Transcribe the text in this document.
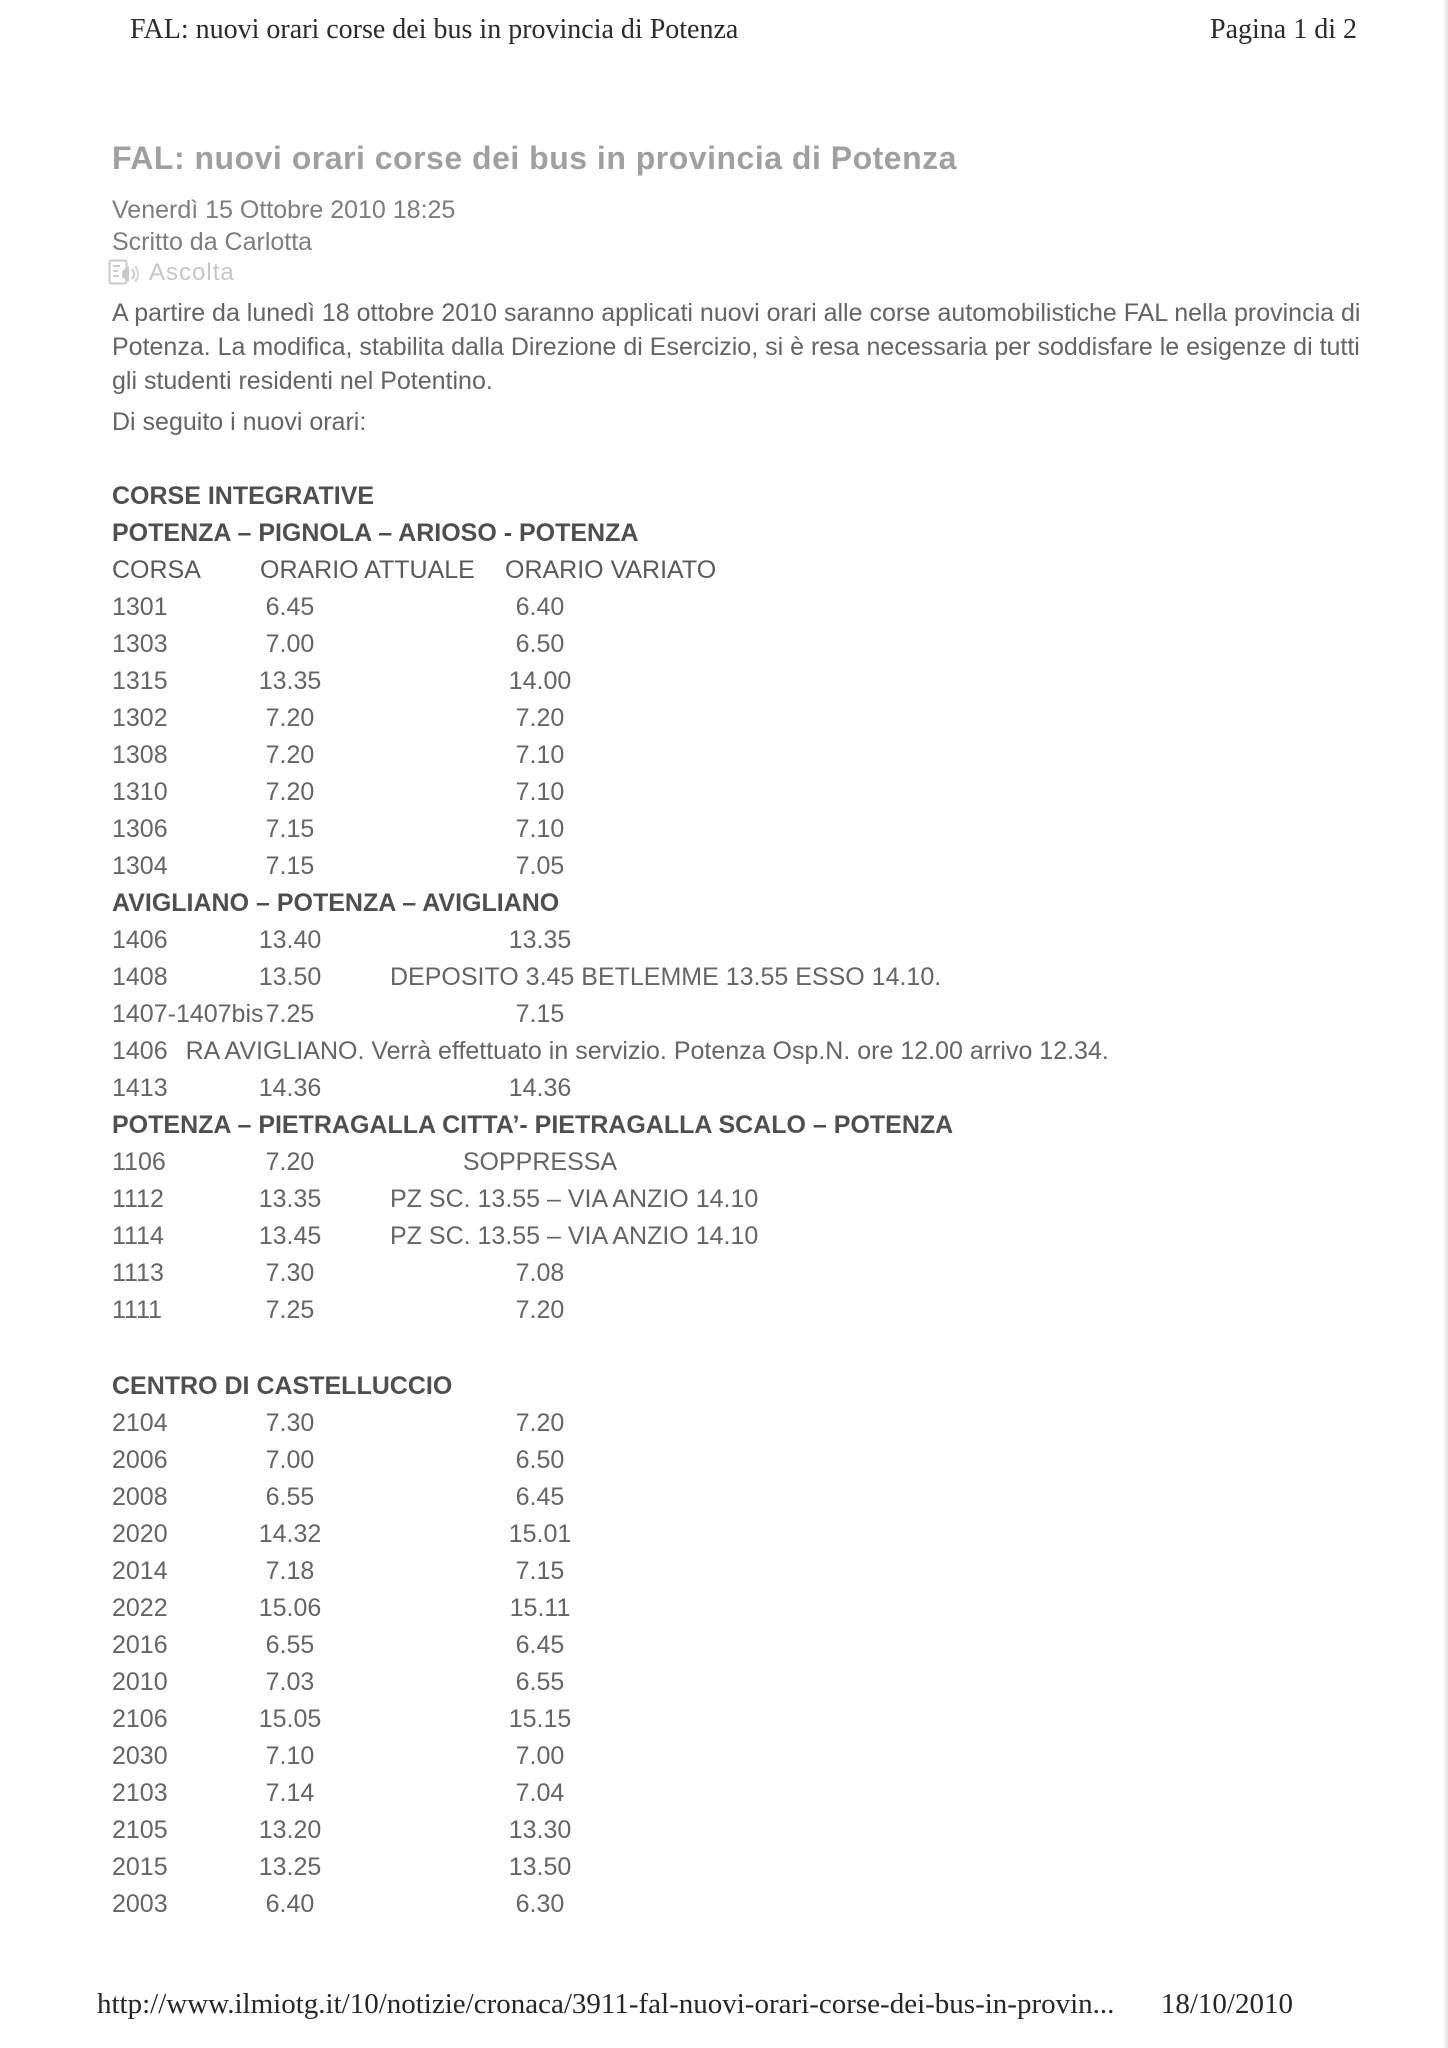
FAL: nuovi orari corse dei bus in provincia di Potenza	Pagina 1 di 2
FAL: nuovi orari corse dei bus in provincia di Potenza
Venerdì 15 Ottobre 2010 18:25
Scritto da Carlotta
Ascolta

A partire da lunedì 18 ottobre 2010 saranno applicati nuovi orari alle corse automobilistiche FAL nella provincia di Potenza. La modifica, stabilita dalla Direzione di Esercizio, si è resa necessaria per soddisfare le esigenze di tutti gli studenti residenti nel Potentino.

Di seguito i nuovi orari:

CORSE INTEGRATIVE
POTENZA – PIGNOLA – ARIOSO - POTENZA
CORSA	ORARIO ATTUALE	ORARIO VARIATO
1301	6.45	6.40
1303	7.00	6.50
1315	13.35	14.00
1302	7.20	7.20
1308	7.20	7.10
1310	7.20	7.10
1306	7.15	7.10
1304	7.15	7.05
AVIGLIANO – POTENZA – AVIGLIANO
1406	13.40	13.35
1408	13.50	DEPOSITO 3.45 BETLEMME 13.55 ESSO 14.10.
1407-1407bis 7.25	7.15
1406 RA AVIGLIANO. Verrà effettuato in servizio. Potenza Osp.N. ore 12.00 arrivo 12.34.
1413	14.36	14.36
POTENZA – PIETRAGALLA CITTA’- PIETRAGALLA SCALO – POTENZA
1106	7.20	SOPPRESSA
1112	13.35	PZ SC. 13.55 – VIA ANZIO 14.10
1114	13.45	PZ SC. 13.55 – VIA ANZIO 14.10
1113	7.30	7.08
1111	7.25	7.20
CENTRO DI CASTELLUCCIO
2104	7.30	7.20
2006	7.00	6.50
2008	6.55	6.45
2020	14.32	15.01
2014	7.18	7.15
2022	15.06	15.11
2016	6.55	6.45
2010	7.03	6.55
2106	15.05	15.15
2030	7.10	7.00
2103	7.14	7.04
2105	13.20	13.30
2015	13.25	13.50
2003	6.40	6.30
http://www.ilmiotg.it/10/notizie/cronaca/3911-fal-nuovi-orari-corse-dei-bus-in-provin... 18/10/2010
